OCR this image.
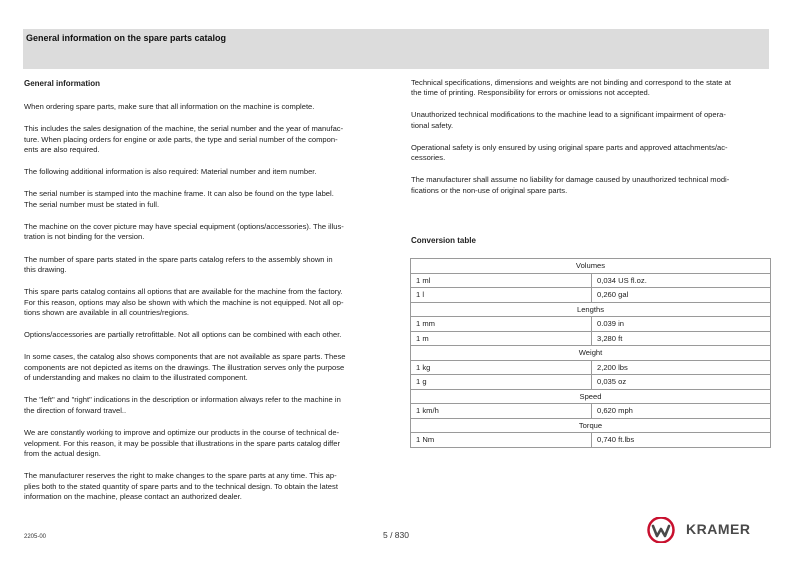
General information on the spare parts catalog

General information

When ordering spare parts, make sure that all information on the machine is complete.

This includes the sales designation of the machine, the serial number and the year of manufac-
ture. When placing orders for engine or axle parts, the type and serial number of the compon-
ents are also required.

The following additional information is also required: Material number and item number.

The serial number is stamped into the machine frame. It can also be found on the type label.
The serial number must be stated in full.

The machine on the cover picture may have special equipment (options/accessories). The illus-
tration is not binding for the version.

The number of spare parts stated in the spare parts catalog refers to the assembly shown in
this drawing.

This spare parts catalog contains all options that are available for the machine from the factory.
For this reason, options may also be shown with which the machine is not equipped. Not all op-
tions shown are available in all countries/regions.

Options/accessories are partially retrofittable. Not all options can be combined with each other.

In some cases, the catalog also shows components that are not available as spare parts. These
components are not depicted as items on the drawings. The illustration serves only the purpose
of understanding and makes no claim to the illustrated component.

The "left" and "right" indications in the description or information always refer to the machine in
the direction of forward travel..

We are constantly working to improve and optimize our products in the course of technical de-
velopment. For this reason, it may be possible that illustrations in the spare parts catalog differ
from the actual design.

The manufacturer reserves the right to make changes to the spare parts at any time. This ap-
plies both to the stated quantity of spare parts and to the technical design. To obtain the latest
information on the machine, please contact an authorized dealer.

Technical specifications, dimensions and weights are not binding and correspond to the state at
the time of printing. Responsibility for errors or omissions not accepted.

Unauthorized technical modifications to the machine lead to a significant impairment of opera-
tional safety.

Operational safety is only ensured by using original spare parts and approved attachments/ac-
cessories.

The manufacturer shall assume no liability for damage caused by unauthorized technical modi-
fications or the non-use of original spare parts.

Conversion table

Volumes	
1 ml	0,034 US fl.oz.
1 l	0,260 gal
Lengths	
1 mm	0.039 in
1 m	3,280 ft
Weight	
1 kg	2,200 lbs
1 g	0,035 oz
Speed	
1 km/h	0,620 mph
Torque	
1 Nm	0,740 ft.lbs
2205-00	5 / 830	KRAMER
